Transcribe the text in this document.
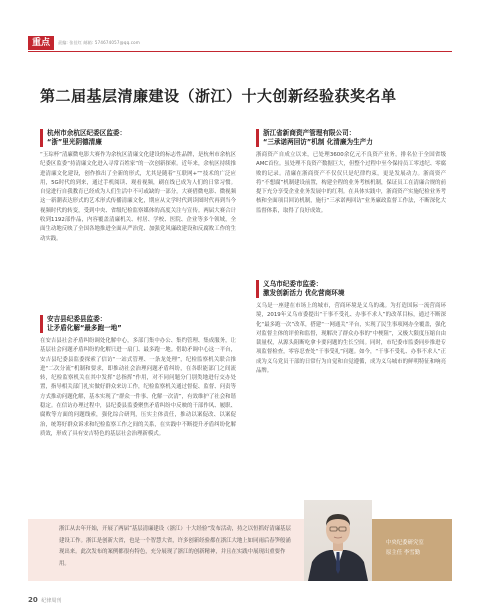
重点	责编: 张佳红 邮箱: 574674057@qq.com
第二届基层清廉建设（浙江）十大创新经验获奖名单
杭州市余杭区纪委区监委：
“浙”里光阴德清廉
“玉琮杯”清廉微电影大赛作为余杭区清廉文化建设的标志性品牌，是杭州市余杭区纪委区监委“持清廉文化进入寻常百姓家”的一次创新探索。近年来，余杭区持续推进清廉文化建设，创作推出了全新的形式，尤其是随着“互联网+”“技术的广泛应用，5G时代的到来，通过手机阅读、观看视频，刷在线已成为人们的日常习惯。自觉进行自我教育已经成为人们生活中不可或缺的一部分，大赛借微电影、微视频这一新潮表达形式的艺术形式传播清廉文化，期应从文学时代到读图时代再到当今视频时代的转变，受到中央、省级纪检监察媒体的高度关注与宣传。两届大赛合计收到1192部作品，内容覆盖清廉机关、村居、学校、医院、企业等多个领域，全面生动地反映了全国各地推进全面从严治党、加强党风廉政建设和反腐败工作的生动实践。
安吉县纪委县监委：
让矛盾化解“最多跑一地”
在安吉县社会矛盾纠纷调处化解中心，多部门集中办公、集约管理、集成服务，让基层社会问题矛盾纠纷的化解只进一扇门、最多跑一地。借助矛调中心这一平台，安吉县纪委县监委探索了信访“一站式管理、一条龙处理”，纪检监察机关联合推进“二次分流”机制和要求，即推动社会治理问题矛盾纠纷，在各职能部门之间流转，纪检监察机关在其中发挥“总指挥”作用，对不同问题分门别类地进行交办处置，指导相关部门扎实做好群众来访工作，纪检监察机关通过督促、监督、问责等方式推动问题化解，基本实现了“群众一件事、化解一次清”，有效维护了社会和谐稳定。在信访办理过程中，县纪委县监委聚焦矛盾纠纷中反映的干部作风、履职、腐败等方面的问题线索，强化综合研判，压实主体责任，推动以案促改、以案促治，统筹好群众诉求和纪检监察工作之间的关系，在实践中不断提升矛盾纠纷化解质效，形成了具有安吉特色的基层社会治理新模式。
浙江省新商资产管理有限公司：
“三承诺两回访”机制 化清廉为生产力
浙商资产自成立以来，已处理3600余亿元不良资产业务，排名位于全国省级AMC首位。虽处理不良资产数据巨大，但整个过程中至今保持员工零违纪、零腐败的记录。清廉在浙商资产不仅仅只是纪律约束，更是发展动力。浙商资产将“不想腐”机制建设前置，构建全程的业务考核机制，保证员工在清廉合规的前提下充分享受企业业务发展中的红利。在具体实践中，浙商资产实施纪检业务考核和全面项目回访机制，施行“三承诺两回访”业务廉政监督工作法，不断深化大监督体系，取得了良好成效。
义乌市纪委市监委：
激发创新活力 优化营商环境
义乌是一座建在市场上的城市，营商环境是义乌的魂。为打造国际一流营商环境，2019年义乌市委提出“干事不受礼、办事不求人”的改革目标，通过不断深化“最多跑一次”改革，搭建“一网通关”平台，实现了民生事项网办全覆盖，强化对监督主体的评价和监督，现解决了群众办事的“中梗阻”，又极大限度压缩自由裁量权，从源头阻断吃拿卡要问题的生长空间。同时，市纪委市监委同步推进专项监督检查，零容忍查处“干事受礼”问题。如今，“干事不受礼、办事不求人”正成为义乌党员干部的日常行为自觉和自觉遵循，成为义乌城市的鲜明特征和响亮品牌。
浙江从去年开始，开展了两届“基层清廉建设（浙江）十大经验”发布活动，持之以恒抓好清廉基层建设工作。浙江是创新大省，也是一个智慧大省，许多创新经验都在浙江大地上如同雨后春笋般涌现出来。此次发布的案例都很有特色，充分展现了浙江的创新精神，并且在实践中展现出重要作用。
中央纪委研究室
原主任 李雪勤
20 纪律周刊
